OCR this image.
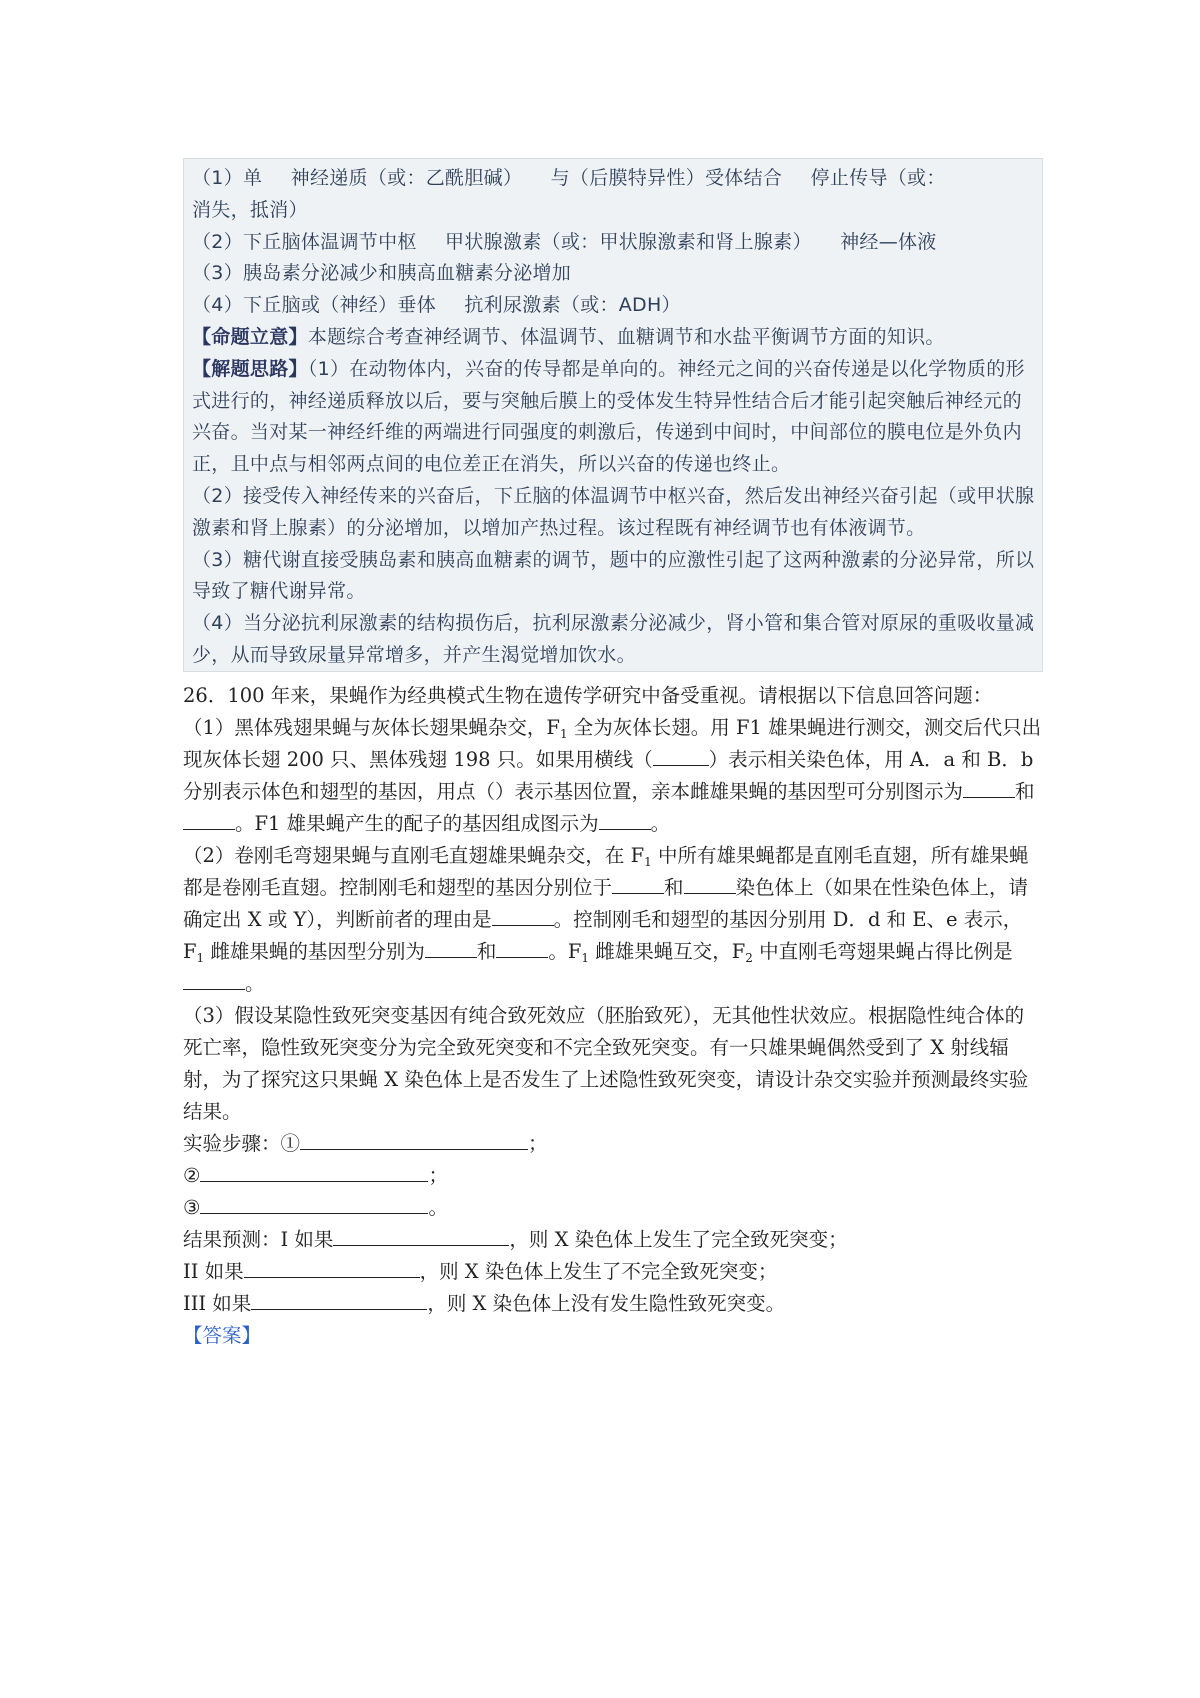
（1）单 神经递质（或：乙酰胆碱） 与（后膜特异性）受体结合 停止传导（或：
消失，抵消）
（2）下丘脑体温调节中枢 甲状腺激素（或：甲状腺激素和肾上腺素） 神经—体液
（3）胰岛素分泌减少和胰高血糖素分泌增加
（4）下丘脑或（神经）垂体 抗利尿激素（或：ADH）
【命题立意】本题综合考查神经调节、体温调节、血糖调节和水盐平衡调节方面的知识。
【解题思路】（1）在动物体内，兴奋的传导都是单向的。神经元之间的兴奋传递是以化学物质的形式进行的，神经递质释放以后，要与突触后膜上的受体发生特异性结合后才能引起突触后神经元的兴奋。当对某一神经纤维的两端进行同强度的刺激后，传递到中间时，中间部位的膜电位是外负内正，且中点与相邻两点间的电位差正在消失，所以兴奋的传递也终止。
（2）接受传入神经传来的兴奋后，下丘脑的体温调节中枢兴奋，然后发出神经兴奋引起（或甲状腺激素和肾上腺素）的分泌增加，以增加产热过程。该过程既有神经调节也有体液调节。
（3）糖代谢直接受胰岛素和胰高血糖素的调节，题中的应激性引起了这两种激素的分泌异常，所以导致了糖代谢异常。
（4）当分泌抗利尿激素的结构损伤后，抗利尿激素分泌减少，肾小管和集合管对原尿的重吸收量减少，从而导致尿量异常增多，并产生渴觉增加饮水。

26．100 年来，果蝇作为经典模式生物在遗传学研究中备受重视。请根据以下信息回答问题：

（1）黑体残翅果蝇与灰体长翅果蝇杂交，$F_1$ 全为灰体长翅。用 F1 雄果蝇进行测交，测交后代只出现灰体长翅 200 只、黑体残翅 198 只。如果用横线（	）表示相关染色体，用 A．a 和 B．b 分别表示体色和翅型的基因，用点（）表示基因位置，亲本雌雄果蝇的基因型可分别图示为	和。F1 雄果蝇产生的配子的基因组成图示为	。

（2）卷刚毛弯翅果蝇与直刚毛直翅雄果蝇杂交，在 $F_1$ 中所有雄果蝇都是直刚毛直翅，所有雄果蝇都是卷刚毛直翅。控制刚毛和翅型的基因分别位于	和	染色体上（如果在性染色体上，请确定出 X 或 Y），判断前者的理由是	。控制刚毛和翅型的基因分别用 D．d 和 E、e 表示，$F_1$ 雌雄果蝇的基因型分别为	和	。$F_1$ 雌雄果蝇互交，$F_2$ 中直刚毛弯翅果蝇占得比例是。

（3）假设某隐性致死突变基因有纯合致死效应（胚胎致死），无其他性状效应。根据隐性纯合体的死亡率，隐性致死突变分为完全致死突变和不完全致死突变。有一只雄果蝇偶然受到了 X 射线辐射，为了探究这只果蝇 X 染色体上是否发生了上述隐性致死突变，请设计杂交实验并预测最终实验结果。

实验步骤：①	；

②	；

③	。

结果预测：I 如果	，则 X 染色体上发生了完全致死突变；

II 如果	，则 X 染色体上发生了不完全致死突变；

III 如果	，则 X 染色体上没有发生隐性致死突变。

【答案】
